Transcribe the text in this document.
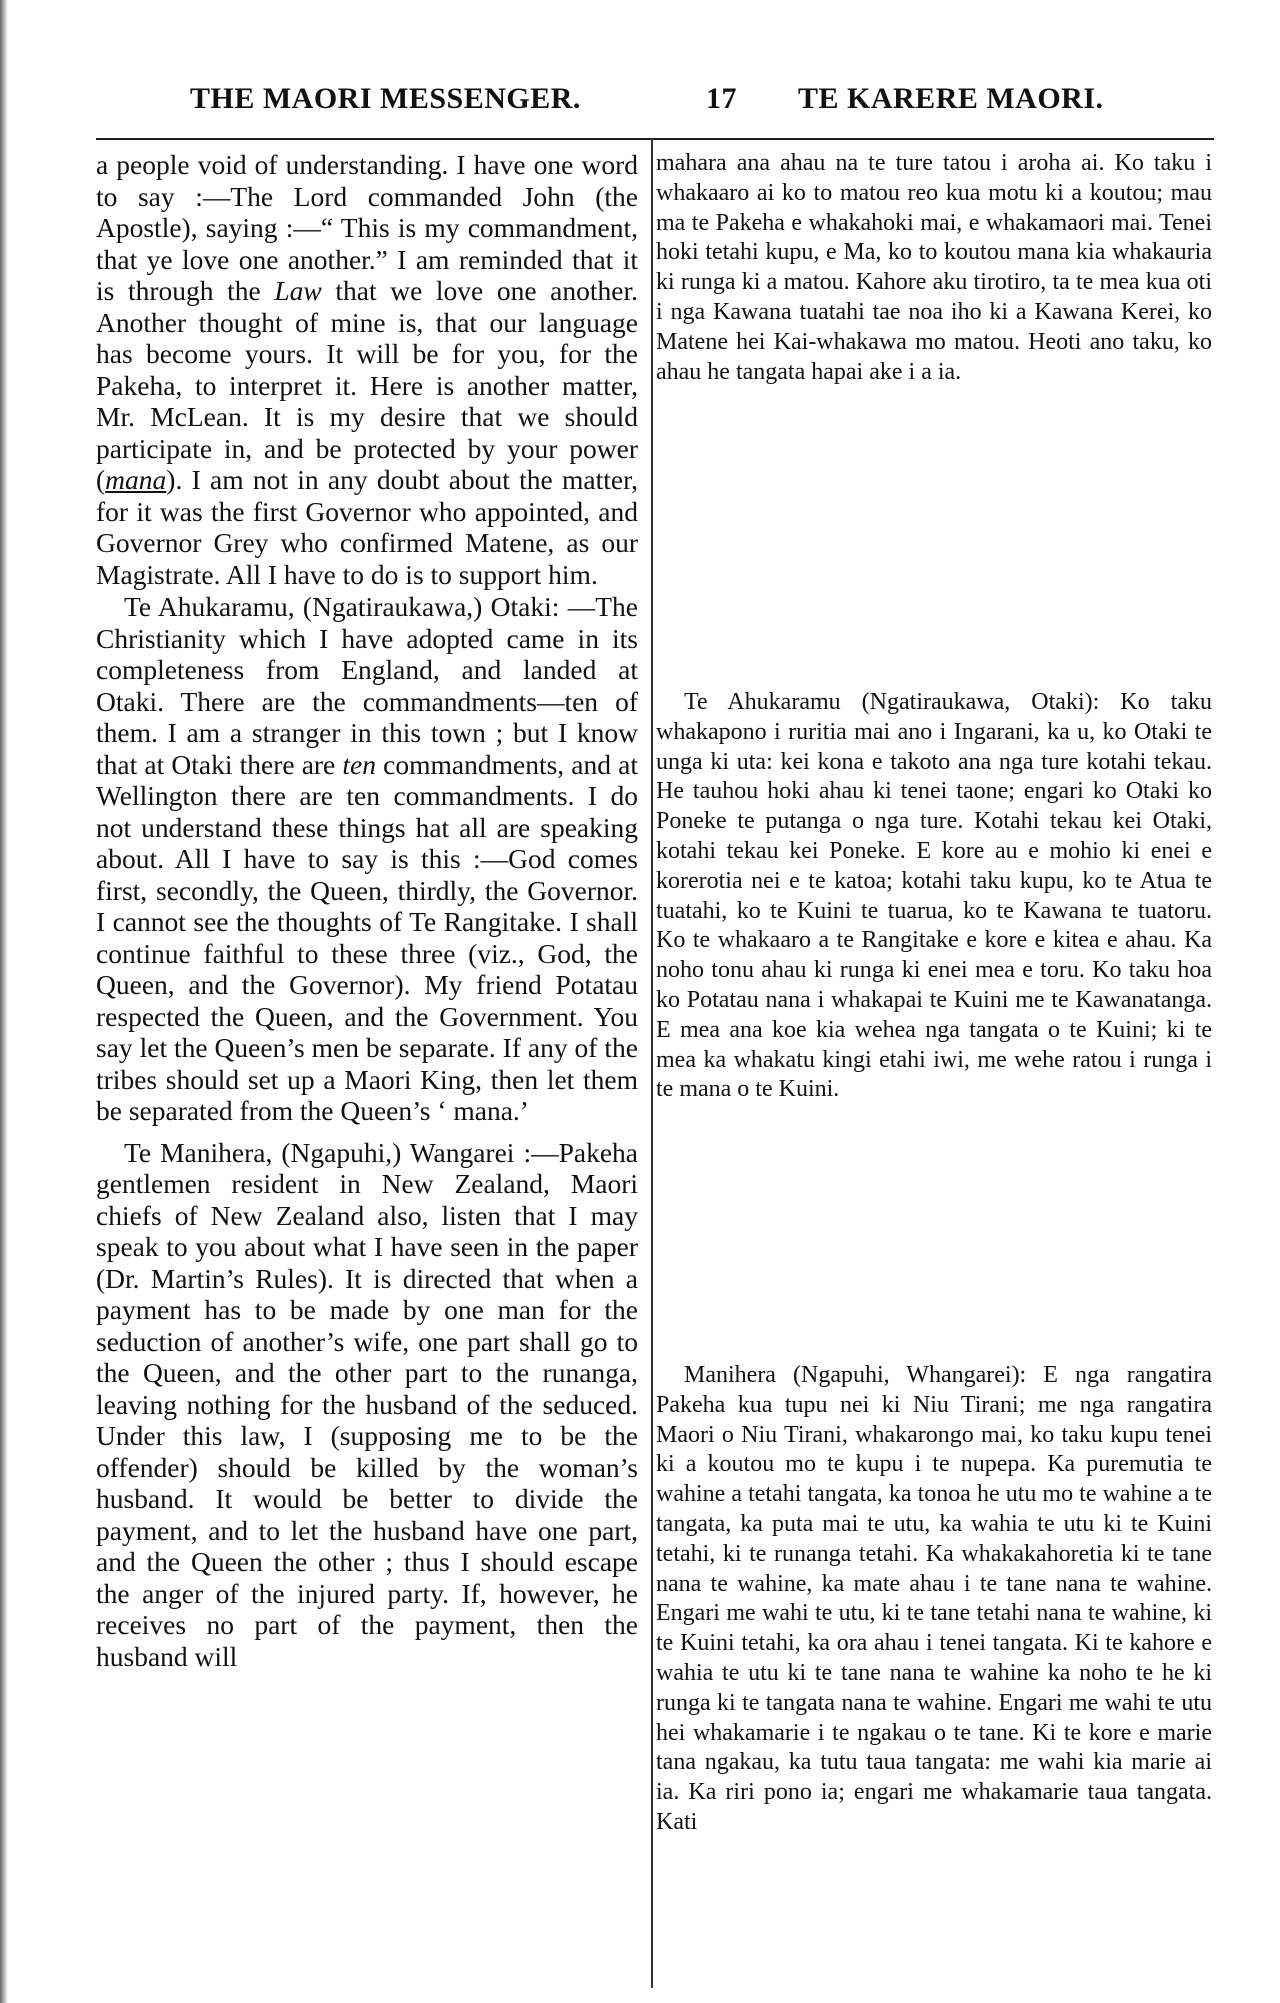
THE MAORI MESSENGER.	17 TE KARERE MAORI.

a people void of understanding. I have one word to say :—The Lord commanded John (the Apostle), saying :—“ This is my commandment, that ye love one another.” I am reminded that it is through the Law that we love one another. Another thought of mine is, that our language has become yours. It will be for you, for the Pakeha, to interpret it. Here is another matter, Mr. McLean. It is my desire that we should participate in, and be protected by your power (mana). I am not in any doubt about the matter, for it was the first Governor who appointed, and Governor Grey who confirmed Matene, as our Magistrate. All I have to do is to support him.

Te Ahukaramu, (Ngatiraukawa,) Otaki: —The Christianity which I have adopted came in its completeness from England, and landed at Otaki. There are the commandments—ten of them. I am a stranger in this town ; but I know that at Otaki there are ten commandments, and at Wellington there are ten commandments. I do not understand these things hat all are speaking about. All I have to say is this :—God comes first, secondly, the Queen, thirdly, the Governor. I cannot see the thoughts of Te Rangitake. I shall continue faithful to these three (viz., God, the Queen, and the Governor). My friend Potatau respected the Queen, and the Government. You say let the Queen’s men be separate. If any of the tribes should set up a Maori King, then let them be separated from the Queen’s ‘ mana.’

Te Manihera, (Ngapuhi,) Wangarei :—Pakeha gentlemen resident in New Zealand, Maori chiefs of New Zealand also, listen that I may speak to you about what I have seen in the paper (Dr. Martin’s Rules). It is directed that when a payment has to be made by one man for the seduction of another’s wife, one part shall go to the Queen, and the other part to the runanga, leaving nothing for the husband of the seduced. Under this law, I (supposing me to be the offender) should be killed by the woman’s husband. It would be better to divide the payment, and to let the husband have one part, and the Queen the other ; thus I should escape the anger of the injured party. If, however, he receives no part of the payment, then the husband will

mahara ana ahau na te ture tatou i aroha ai. Ko taku i whakaaro ai ko to matou reo kua motu ki a koutou; mau ma te Pakeha e whakahoki mai, e whakamaori mai. Tenei hoki tetahi kupu, e Ma, ko to koutou mana kia whakauria ki runga ki a matou. Kahore aku tirotiro, ta te mea kua oti i nga Kawana tuatahi tae noa iho ki a Kawana Kerei, ko Matene hei Kai-whakawa mo matou. Heoti ano taku, ko ahau he tangata hapai ake i a ia.

Te Ahukaramu (Ngatiraukawa, Otaki): Ko taku whakapono i ruritia mai ano i Ingarani, ka u, ko Otaki te unga ki uta: kei kona e takoto ana nga ture kotahi tekau. He tauhou hoki ahau ki tenei taone; engari ko Otaki ko Poneke te putanga o nga ture. Kotahi tekau kei Otaki, kotahi tekau kei Poneke. E kore au e mohio ki enei e korerotia nei e te katoa; kotahi taku kupu, ko te Atua te tuatahi, ko te Kuini te tuarua, ko te Kawana te tuatoru. Ko te whakaaro a te Rangitake e kore e kitea e ahau. Ka noho tonu ahau ki runga ki enei mea e toru. Ko taku hoa ko Potatau nana i whakapai te Kuini me te Kawanatanga. E mea ana koe kia wehea nga tangata o te Kuini; ki te mea ka whakatu kingi etahi iwi, me wehe ratou i runga i te mana o te Kuini.

Manihera (Ngapuhi, Whangarei): E nga rangatira Pakeha kua tupu nei ki Niu Tirani; me nga rangatira Maori o Niu Tirani, whakarongo mai, ko taku kupu tenei ki a koutou mo te kupu i te nupepa. Ka puremutia te wahine a tetahi tangata, ka tonoa he utu mo te wahine a te tangata, ka puta mai te utu, ka wahia te utu ki te Kuini tetahi, ki te runanga tetahi. Ka whakakahoretia ki te tane nana te wahine, ka mate ahau i te tane nana te wahine. Engari me wahi te utu, ki te tane tetahi nana te wahine, ki te Kuini tetahi, ka ora ahau i tenei tangata. Ki te kahore e wahia te utu ki te tane nana te wahine ka noho te he ki runga ki te tangata nana te wahine. Engari me wahi te utu hei whakamarie i te ngakau o te tane. Ki te kore e marie tana ngakau, ka tutu taua tangata: me wahi kia marie ai ia. Ka riri pono ia; engari me whakamarie taua tangata. Kati
